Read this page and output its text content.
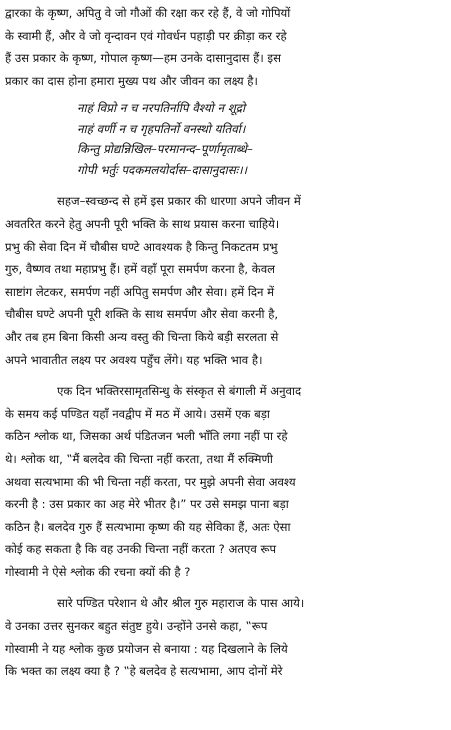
द्वारका के कृष्ण, अपितु वे जो गौओं की रक्षा कर रहे हैं, वे जो गोपियों
के स्वामी हैं, और वे जो वृन्दावन एवं गोवर्धन पहाड़ी पर क्रीड़ा कर रहे
हैं उस प्रकार के कृष्ण, गोपाल कृष्ण—हम उनके दासानुदास हैं। इस
प्रकार का दास होना हमारा मुख्य पथ और जीवन का लक्ष्य है।

नाहं विप्रो न च नरपतिर्नापि वैश्यो न शूद्रो
नाहं वर्णी न च गृहपतिर्नो वनस्थो यतिर्वा।
किन्तु प्रोद्यन्निखिल–परमानन्द–पूर्णामृताब्धे–
गोपी भर्तुः पदकमलयोर्दास–दासानुदासः।।

सहज–स्वच्छन्द से हमें इस प्रकार की धारणा अपने जीवन में
अवतरित करने हेतु अपनी पूरी भक्ति के साथ प्रयास करना चाहिये।
प्रभु की सेवा दिन में चौबीस घण्टे आवश्यक है किन्तु निकटतम प्रभु
गुरु, वैष्णव तथा महाप्रभु हैं। हमें वहाँ पूरा समर्पण करना है, केवल
साष्टांग लेटकर, समर्पण नहीं अपितु समर्पण और सेवा। हमें दिन में
चौबीस घण्टे अपनी पूरी शक्ति के साथ समर्पण और सेवा करनी है,
और तब हम बिना किसी अन्य वस्तु की चिन्ता किये बड़ी सरलता से
अपने भावातीत लक्ष्य पर अवश्य पहुँच लेंगे। यह भक्ति भाव है।

एक दिन भक्तिरसामृतसिन्धु के संस्कृत से बंगाली में अनुवाद
के समय कई पण्डित यहाँ नवद्वीप में मठ में आये। उसमें एक बड़ा
कठिन श्लोक था, जिसका अर्थ पंडितजन भली भाँति लगा नहीं पा रहे
थे। श्लोक था, ‟मैं बलदेव की चिन्ता नहीं करता, तथा मैं रुक्मिणी
अथवा सत्यभामा की भी चिन्ता नहीं करता, पर मुझे अपनी सेवा अवश्य
करनी है : उस प्रकार का अह मेरे भीतर है।” पर उसे समझ पाना बड़ा
कठिन है। बलदेव गुरु हैं सत्यभामा कृष्ण की यह सेविका हैं, अतः ऐसा
कोई कह सकता है कि वह उनकी चिन्ता नहीं करता ? अतएव रूप
गोस्वामी ने ऐसे श्लोक की रचना क्यों की है ?

सारे पण्डित परेशान थे और श्रील गुरु महाराज के पास आये।
वे उनका उत्तर सुनकर बहुत संतुष्ट हुये। उन्होंने उनसे कहा, ‟रूप
गोस्वामी ने यह श्लोक कुछ प्रयोजन से बनाया : यह दिखलाने के लिये
कि भक्त का लक्ष्य क्या है ? ‟हे बलदेव हे सत्यभामा, आप दोनों मेरे
